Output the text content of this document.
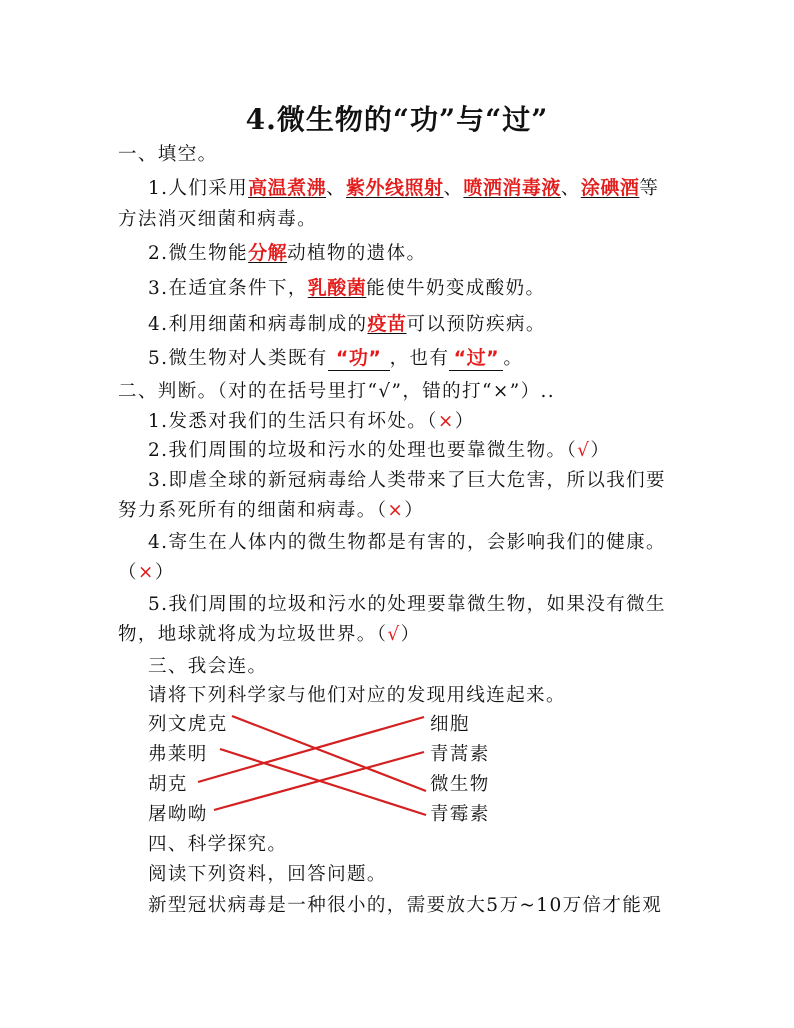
4.微生物的“功”与“过”
一、填空。
1.人们采用高温煮沸、紫外线照射、喷洒消毒液、涂碘酒等
方法消灭细菌和病毒。
2.微生物能分解动植物的遗体。
3.在适宜条件下，乳酸菌能使牛奶变成酸奶。
4.利用细菌和病毒制成的疫苗可以预防疾病。
5.微生物对人类既有 “功” ，也有 “过” 。
二、判断。（对的在括号里打“√”，错的打“×”）..
1.发悉对我们的生活只有坏处。（×）
2.我们周围的垃圾和污水的处理也要靠微生物。（√）
3.即虐全球的新冠病毒给人类带来了巨大危害，所以我们要
努力系死所有的细菌和病毒。（×）
4.寄生在人体内的微生物都是有害的，会影响我们的健康。
（×）
5.我们周围的垃圾和污水的处理要靠微生物，如果没有微生
物，地球就将成为垃圾世界。（√）
三、我会连。
请将下列科学家与他们对应的发现用线连起来。
列文虎克
弗莱明
胡克
屠呦呦
细胞
青蒿素
微生物
青霉素
四、科学探究。
阅读下列资料，回答问题。
新型冠状病毒是一种很小的，需要放大5万~10万倍才能观
